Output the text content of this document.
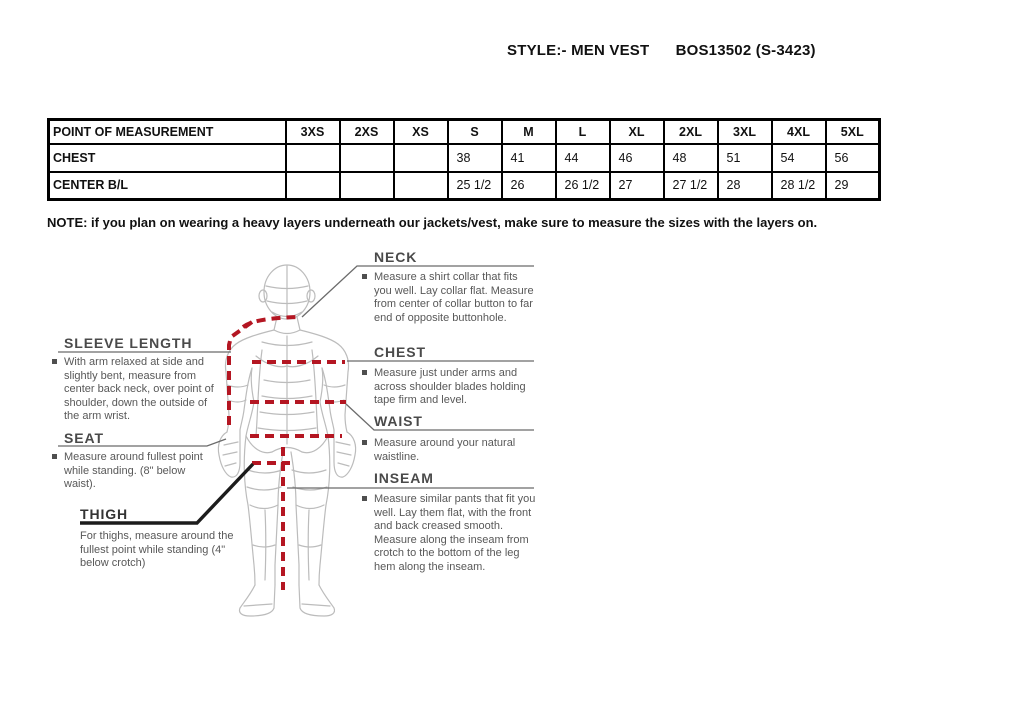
STYLE:- MEN VEST      BOS13502 (S-3423)
POINT OF MEASUREMENT	3XS	2XS	XS	S	M	L	XL	2XL	3XL	4XL	5XL
CHEST				38	41	44	46	48	51	54	56
CENTER B/L				25 1/2	26	26 1/2	27	27 1/2	28	28 1/2	29
NOTE: if you plan on wearing a heavy layers underneath our jackets/vest, make sure to measure the sizes with the layers on.
NECK
Measure a shirt collar that fits you well. Lay collar flat. Measure from center of collar button to far end of opposite buttonhole.
CHEST
Measure just under arms and across shoulder blades holding tape firm and level.
WAIST
Measure around your natural waistline.
INSEAM
Measure similar pants that fit you well. Lay them flat, with the front and back creased smooth. Measure along the inseam from crotch to the bottom of the leg hem along the inseam.
SLEEVE LENGTH
With arm relaxed at side and slightly bent, measure from center back neck, over point of shoulder, down the outside of the arm wrist.
SEAT
Measure around fullest point while standing. (8" below waist).
THIGH
For thighs, measure around the fullest point while standing (4" below crotch)
